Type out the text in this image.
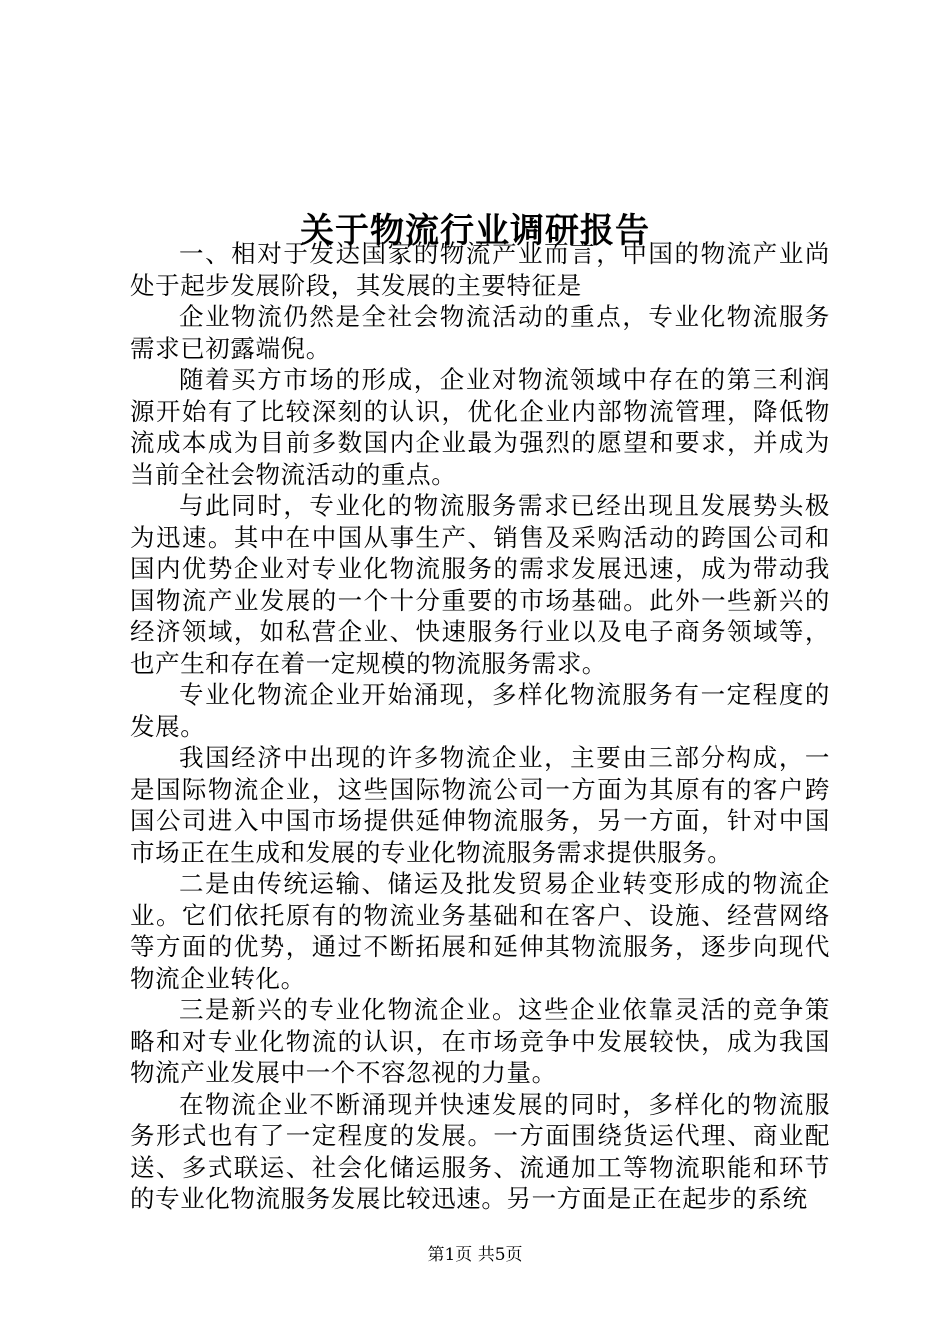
关于物流行业调研报告

一、相对于发达国家的物流产业而言，中国的物流产业尚处于起步发展阶段，其发展的主要特征是

企业物流仍然是全社会物流活动的重点，专业化物流服务需求已初露端倪。

随着买方市场的形成，企业对物流领域中存在的第三利润源开始有了比较深刻的认识，优化企业内部物流管理，降低物流成本成为目前多数国内企业最为强烈的愿望和要求，并成为当前全社会物流活动的重点。

与此同时，专业化的物流服务需求已经出现且发展势头极为迅速。其中在中国从事生产、销售及采购活动的跨国公司和国内优势企业对专业化物流服务的需求发展迅速，成为带动我国物流产业发展的一个十分重要的市场基础。此外一些新兴的经济领域，如私营企业、快速服务行业以及电子商务领域等，也产生和存在着一定规模的物流服务需求。

专业化物流企业开始涌现，多样化物流服务有一定程度的发展。

我国经济中出现的许多物流企业，主要由三部分构成，一是国际物流企业，这些国际物流公司一方面为其原有的客户跨国公司进入中国市场提供延伸物流服务，另一方面，针对中国市场正在生成和发展的专业化物流服务需求提供服务。

二是由传统运输、储运及批发贸易企业转变形成的物流企业。它们依托原有的物流业务基础和在客户、设施、经营网络等方面的优势，通过不断拓展和延伸其物流服务，逐步向现代物流企业转化。

三是新兴的专业化物流企业。这些企业依靠灵活的竞争策略和对专业化物流的认识，在市场竞争中发展较快，成为我国物流产业发展中一个不容忽视的力量。

在物流企业不断涌现并快速发展的同时，多样化的物流服务形式也有了一定程度的发展。一方面围绕货运代理、商业配送、多式联运、社会化储运服务、流通加工等物流职能和环节的专业化物流服务发展比较迅速。另一方面是正在起步的系统

第1页 共5页
